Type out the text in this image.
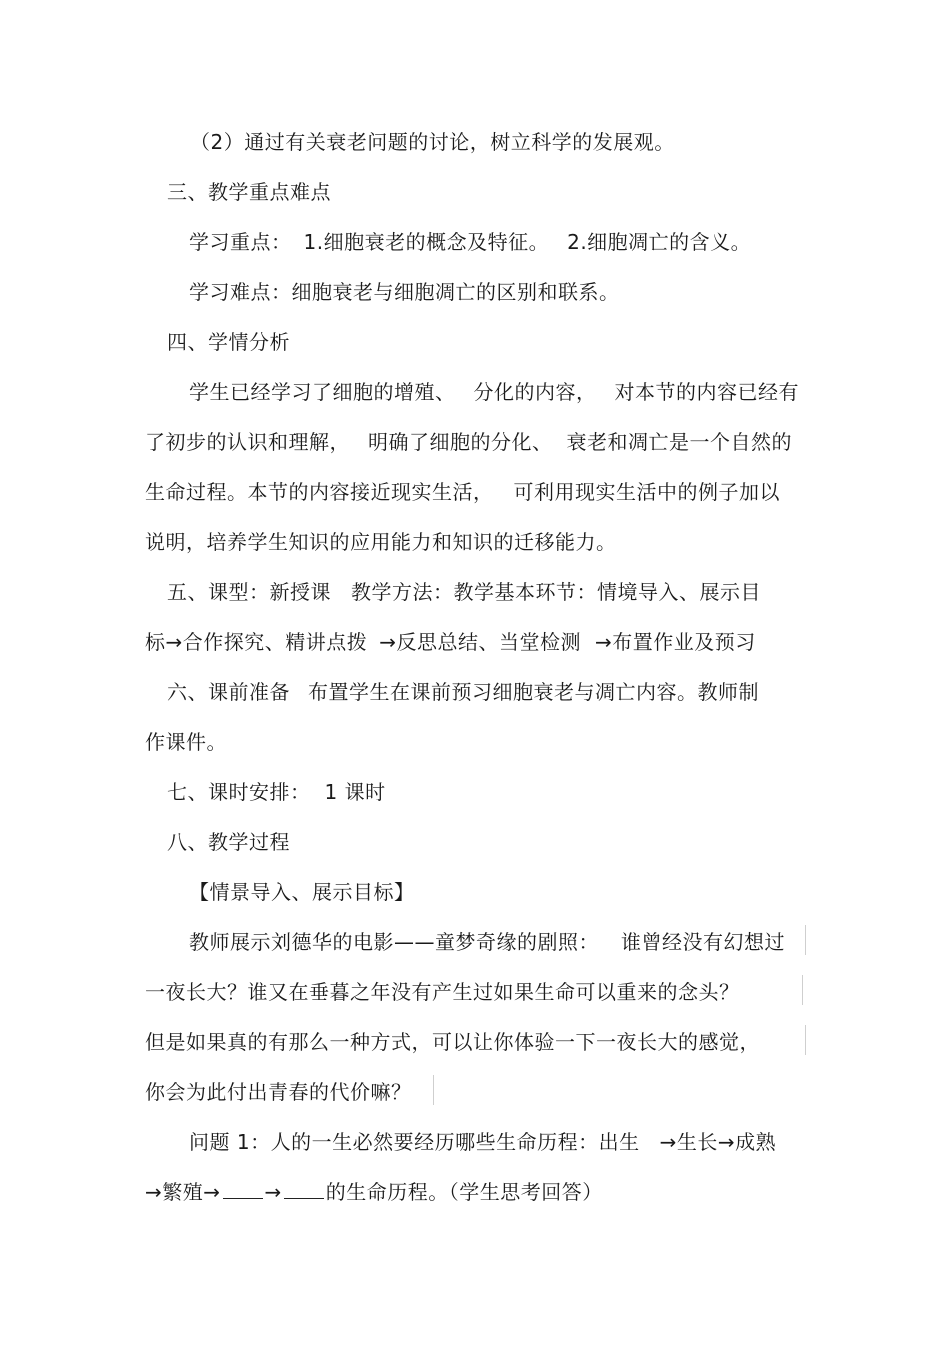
（2）通过有关衰老问题的讨论，树立科学的发展观。
三、教学重点难点
学习重点： 1.细胞衰老的概念及特征。 2.细胞凋亡的含义。
学习难点：细胞衰老与细胞凋亡的区别和联系。
四、学情分析
学生已经学习了细胞的增殖、 分化的内容， 对本节的内容已经有
了初步的认识和理解， 明确了细胞的分化、 衰老和凋亡是一个自然的
生命过程。本节的内容接近现实生活， 可利用现实生活中的例子加以
说明，培养学生知识的应用能力和知识的迁移能力。
五、课型：新授课 教学方法：教学基本环节：情境导入、展示目
标→合作探究、精讲点拨 →反思总结、当堂检测 →布置作业及预习
六、课前准备 布置学生在课前预习细胞衰老与凋亡内容。教师制
作课件。
七、课时安排： 1 课时
八、教学过程
【情景导入、展示目标】
教师展示刘德华的电影——童梦奇缘的剧照： 谁曾经没有幻想过
一夜长大？谁又在垂暮之年没有产生过如果生命可以重来的念头？
但是如果真的有那么一种方式，可以让你体验一下一夜长大的感觉，
你会为此付出青春的代价嘛？
问题 1：人的一生必然要经历哪些生命历程：出生 →生长→成熟
→繁殖→ → 的生命历程。（学生思考回答）
